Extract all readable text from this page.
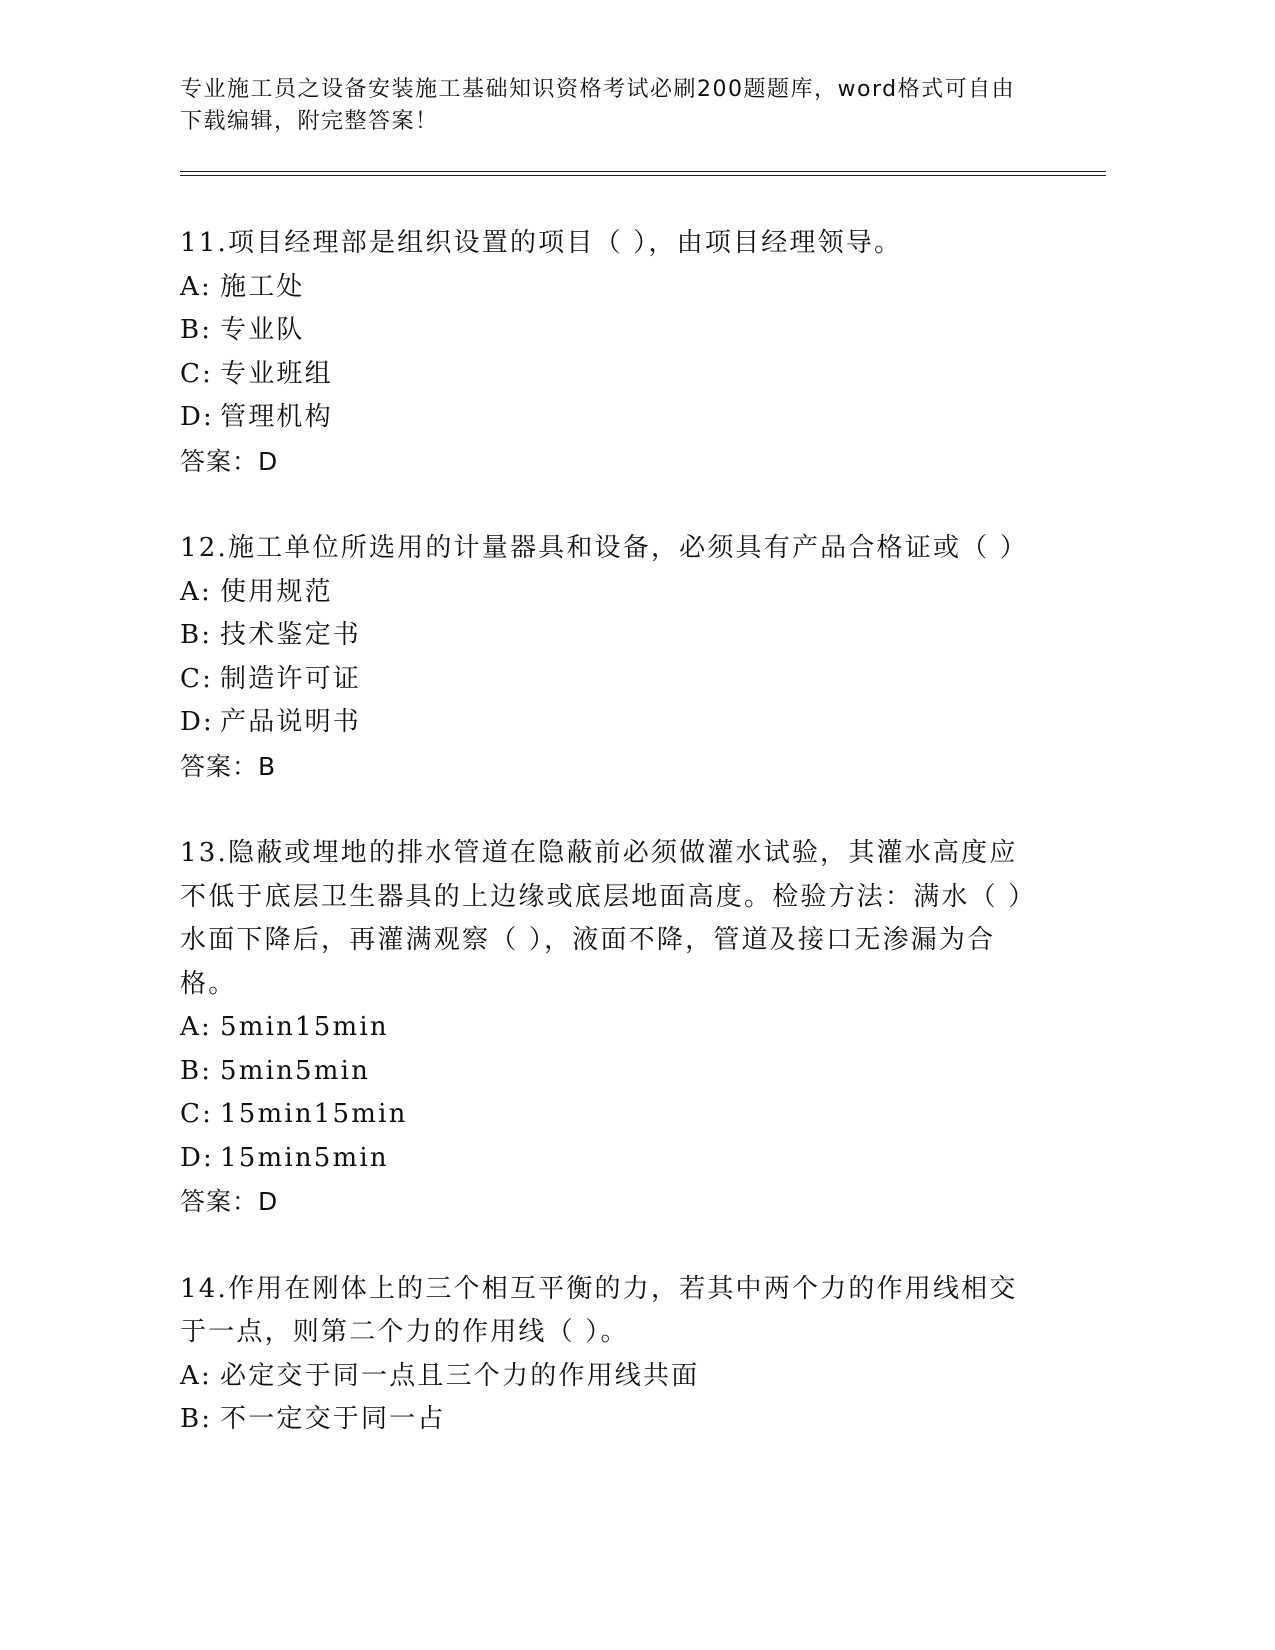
专业施工员之设备安装施工基础知识资格考试必刷200题题库，word格式可自由
下载编辑，附完整答案！
11.项目经理部是组织设置的项目（ ），由项目经理领导。
A: 施工处
B: 专业队
C: 专业班组
D: 管理机构
答案：D
12.施工单位所选用的计量器具和设备，必须具有产品合格证或（ ）
A: 使用规范
B: 技术鉴定书
C: 制造许可证
D: 产品说明书
答案：B
13.隐蔽或埋地的排水管道在隐蔽前必须做灌水试验，其灌水高度应不低于底层卫生器具的上边缘或底层地面高度。检验方法：满水（ ）水面下降后，再灌满观察（ ），液面不降，管道及接口无渗漏为合格。
A: 5min15min
B: 5min5min
C: 15min15min
D: 15min5min
答案：D
14.作用在刚体上的三个相互平衡的力，若其中两个力的作用线相交于一点，则第二个力的作用线（ ）。
A: 必定交于同一点且三个力的作用线共面
B: 不一定交于同一占
